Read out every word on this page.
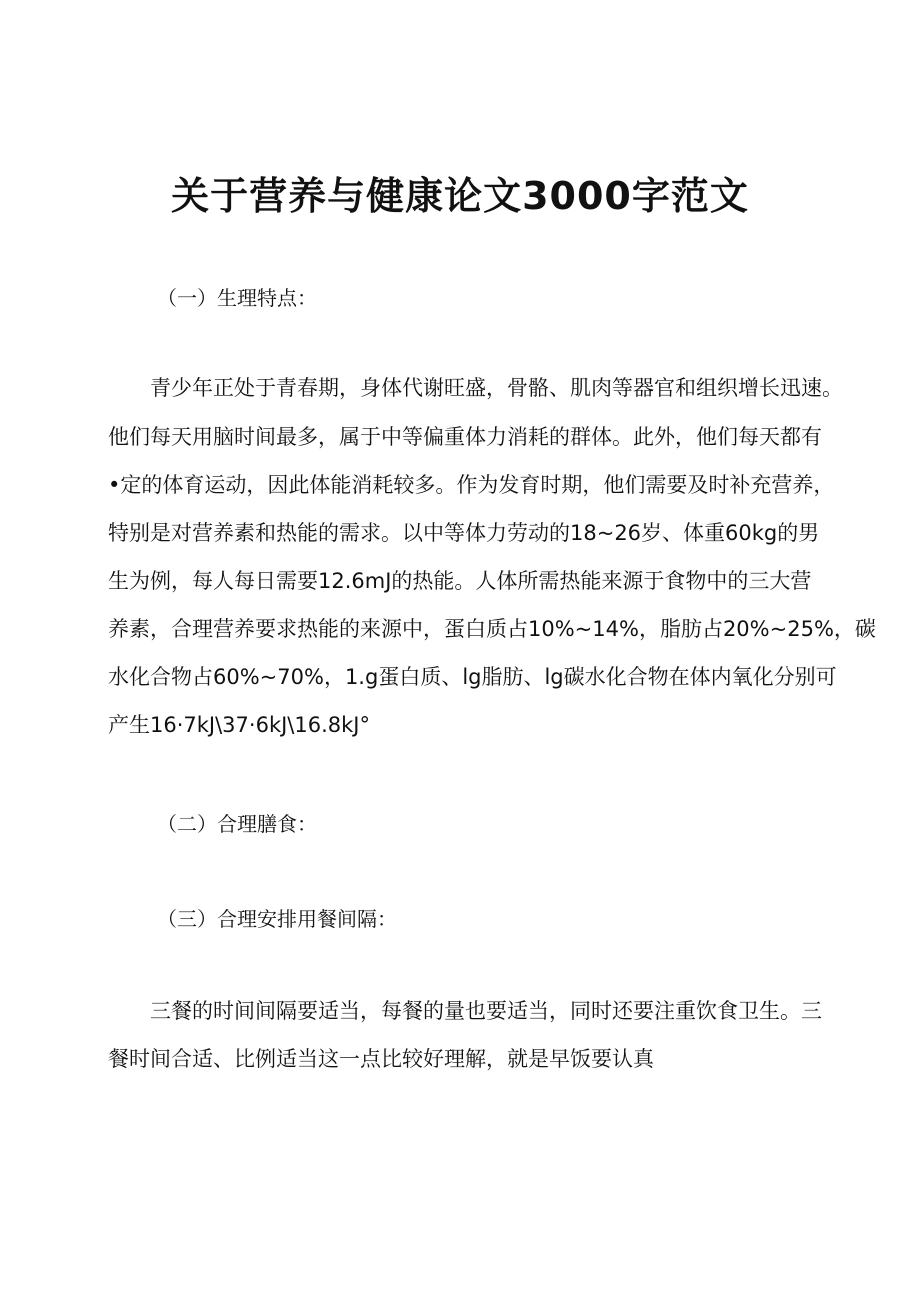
关于营养与健康论文3000字范文
（一）生理特点：
青少年正处于青春期，身体代谢旺盛，骨骼、肌肉等器官和组织增长迅速。
他们每天用脑时间最多，属于中等偏重体力消耗的群体。此外，他们每天都有
•定的体育运动，因此体能消耗较多。作为发育时期，他们需要及时补充营养，
特别是对营养素和热能的需求。以中等体力劳动的18~26岁、体重60kg的男
生为例，每人每日需要12.6mJ的热能。人体所需热能来源于食物中的三大营
养素，合理营养要求热能的来源中，蛋白质占10%~14%，脂肪占20%~25%，碳
水化合物占60%~70%，1.g蛋白质、lg脂肪、lg碳水化合物在体内氧化分别可
产生16·7kJ\37·6kJ\16.8kJ°
（二）合理膳食：
（三）合理安排用餐间隔：
三餐的时间间隔要适当，每餐的量也要适当，同时还要注重饮食卫生。三
餐时间合适、比例适当这一点比较好理解，就是早饭要认真
